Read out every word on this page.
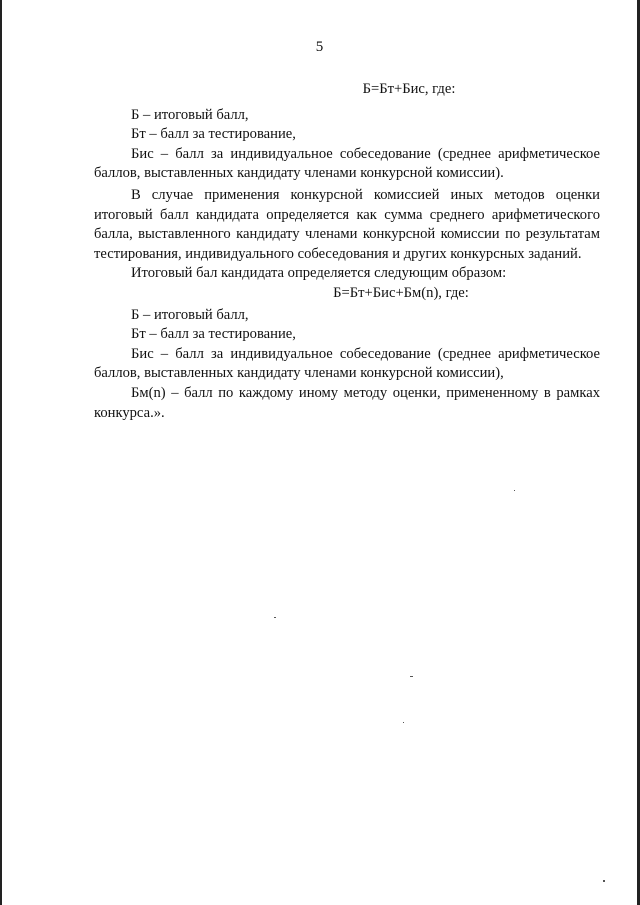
5

Б=Бт+Бис, где:

Б – итоговый балл,

Бт – балл за тестирование,

Бис – балл за индивидуальное собеседование (среднее арифметическое баллов, выставленных кандидату членами конкурсной комиссии).

В случае применения конкурсной комиссией иных методов оценки итоговый балл кандидата определяется как сумма среднего арифметического балла, выставленного кандидату членами конкурсной комиссии по результатам тестирования, индивидуального собеседования и других конкурсных заданий.

Итоговый бал кандидата определяется следующим образом:

Б=Бт+Бис+Бм(n), где:

Б – итоговый балл,

Бт – балл за тестирование,

Бис – балл за индивидуальное собеседование (среднее арифметическое баллов, выставленных кандидату членами конкурсной комиссии),

Бм(n) – балл по каждому иному методу оценки, примененному в рамках конкурса.».
